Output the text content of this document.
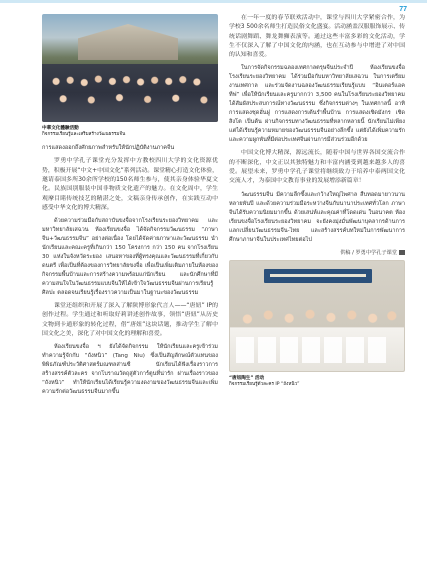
77
中華文化體驗活動
กิจกรรมเรียนรู้และเสริมสร้างวัฒนธรรมจีน

การแสดงออกถึงศักยภาพสำหรับให้นักปฏิบัติงานภาคจีน

罗勇中学孔子课堂充分发挥中方教校四川大学的文化资源优势，积极开展“中文+中国文化”系列活动。课堂精心打造文化体验，邀请泰国多所30余所学校的150名师生参与，使其亲身体验华夏文化。民族国别服装中国非物质文化遗产的魅力。在文化周中，学生观摩目睹传统技艺的精湛之处，文稿亲身传承创作，在实践互动中感受中华文化的博大精深。

ด้วยความร่วมมือกับสถาบันขงจื่อจากโรงเรียนระยองวิทยาคม และมหาวิทยาลัยเสฉวน ห้องเรียนขงจื่อ ได้จัดกิจกรรมวัฒนธรรม “ภาษาจีน+วัฒนธรรมจีน” อย่างต่อเนื่อง โดยได้จัดค่ายภาษาและวัฒนธรรม นำนักเรียนและคณะครูที่เกินกว่า 150 โครงการ กว่า 150 คน จากโรงเรียน 30 แห่งในจังหวัดระยอง เสนอหาของที่ผู้ทรงคุณและวัฒนธรรมที่เกี่ยวกับดนตรี เพื่อเป็นที่ต้องของการวิทยาลัยขงจื่อ เพื่อเป็นเพิ่มเติมภายในห้องของกิจกรรมพื้นบ้านและการสร้างความพร้อมแก่นักเรียน และนักศึกษาที่มีความสนใจในวัฒนธรรมแบบจีนให้ได้เข้าใจวัฒนธรรมจีนผ่านการเรียนรู้ศิลปะ ตลอดจนเรียนรู้เรื่องราวความเป็นมาในฐานะของวัฒนธรรม

课堂还组织和开展了深入了解陕博形象代言人——“唐妞” IP的创作过程。学生通过和听取好莉讲述创作故事，领悟“唐妞”从历史文物到卡通形象的转化过程，借“唐妞”这块话题，推动学生了解中国文化之美，深化了对中国文化的理解和喜爱。

ห้องเรียนขงจื่อ ฯ ยังได้จัดกิจกรรม ให้นักเรียนและครูเข้าร่วมทำความรู้จักกับ “ถังหนิว” (Tang Niu) ซึ่งเป็นสัญลักษณ์ตัวแทนของพิพิธภัณฑ์ประวัติศาสตร์มณฑลส่านซี นักเรียนได้ฟังเรื่องราวการสร้างสรรค์ตัวละคร จากโบราณวัตถุสู่ตัวการ์ตูนที่น่ารัก ผ่านเรื่องราวของ “ถังหนิว” ทำให้นักเรียนได้เรียนรู้ความงดงามของวัฒนธรรมจีนและเพิ่มความรักต่อวัฒนธรรมจีนมากขึ้น

在一年一度的春节联欢活动中，课堂与四川大学紧密合作，为学校3 500余名师生打造民俗文化盛宴。活动涵盖汉服服饰展示、传统话剧舞蹈、舞龙舞狮表演等。通过这些丰富多彩的文化活动，学生不仅深入了解了中国文化的内涵，也在互动参与中增进了对中国的认知和喜爱。

ในการจัดกิจกรรมฉลองเทศกาลตรุษจีนประจำปี ห้องเรียนขงจื่อโรงเรียนระยองวิทยาคม ได้ร่วมมือกับมหาวิทยาลัยเสฉวน ในการเตรียมงานเทศกาล และร่วมจัดงานฉลองวัฒนธรรมเรียนรู้แบบ “อินเตอร์แอคทีฟ” เพื่อให้นักเรียนและครูมากกว่า 3,500 คนในโรงเรียนระยองวิทยาคม ได้สัมผัสประสบการณ์ทางวัฒนธรรม ซึ่งกิจกรรมต่างๆ ในเทศกาลนี้ อาทิ การแสดงชุดฮั่นฝู การแสดงการเต้นรำพื้นบ้าน การแสดงเชิดมังกร เชิดสิงโต เป็นต้น ผ่านกิจกรรมทางวัฒนธรรมที่หลากหลายนี้ นักเรียนไม่เพียงแต่ได้เรียนรู้ความหมายของวัฒนธรรมจีนอย่างลึกซึ้ง แต่ยังได้เพิ่มความรักและความผูกพันที่มีต่อประเทศจีนผ่านการมีส่วนร่วมอีกด้วย

中国文化博大精深，源远流长，随着中国与世界各国交流合作的不断深化，中文正以其独特魅力和丰富内涵受到越来越多人的喜爱。展望未来，罗勇中学孔子课堂将继续致力于培养中泰两国文化交流人才，为泰国中文教育事业的发展增添新篇章！

วัฒนธรรมจีน มีความลึกซึ้งและกว้างใหญ่ไพศาล สืบทอดมายาวนานหลายพันปี และด้วยความร่วมมือระหว่างจีนกับนานาประเทศทั่วโลก ภาษาจีนได้รับความนิยมมากขึ้น ด้วยเสน่ห์และคุณค่าที่โดดเด่น ในอนาคต ห้องเรียนขงจื่อโรงเรียนระยองวิทยาคม จะยังคงมุ่งมั่นพัฒนาบุคลากรด้านการแลกเปลี่ยนวัฒนธรรมจีน-ไทย และสร้างสรรค์บทใหม่ในการพัฒนาการศึกษาภาษาจีนในประเทศไทยต่อไป

供稿 / 罗勇中学孔子课堂
“唐妞陶生” 活动
กิจกรรมเรียนรู้ตัวละคร IP “ถังหนิว”
